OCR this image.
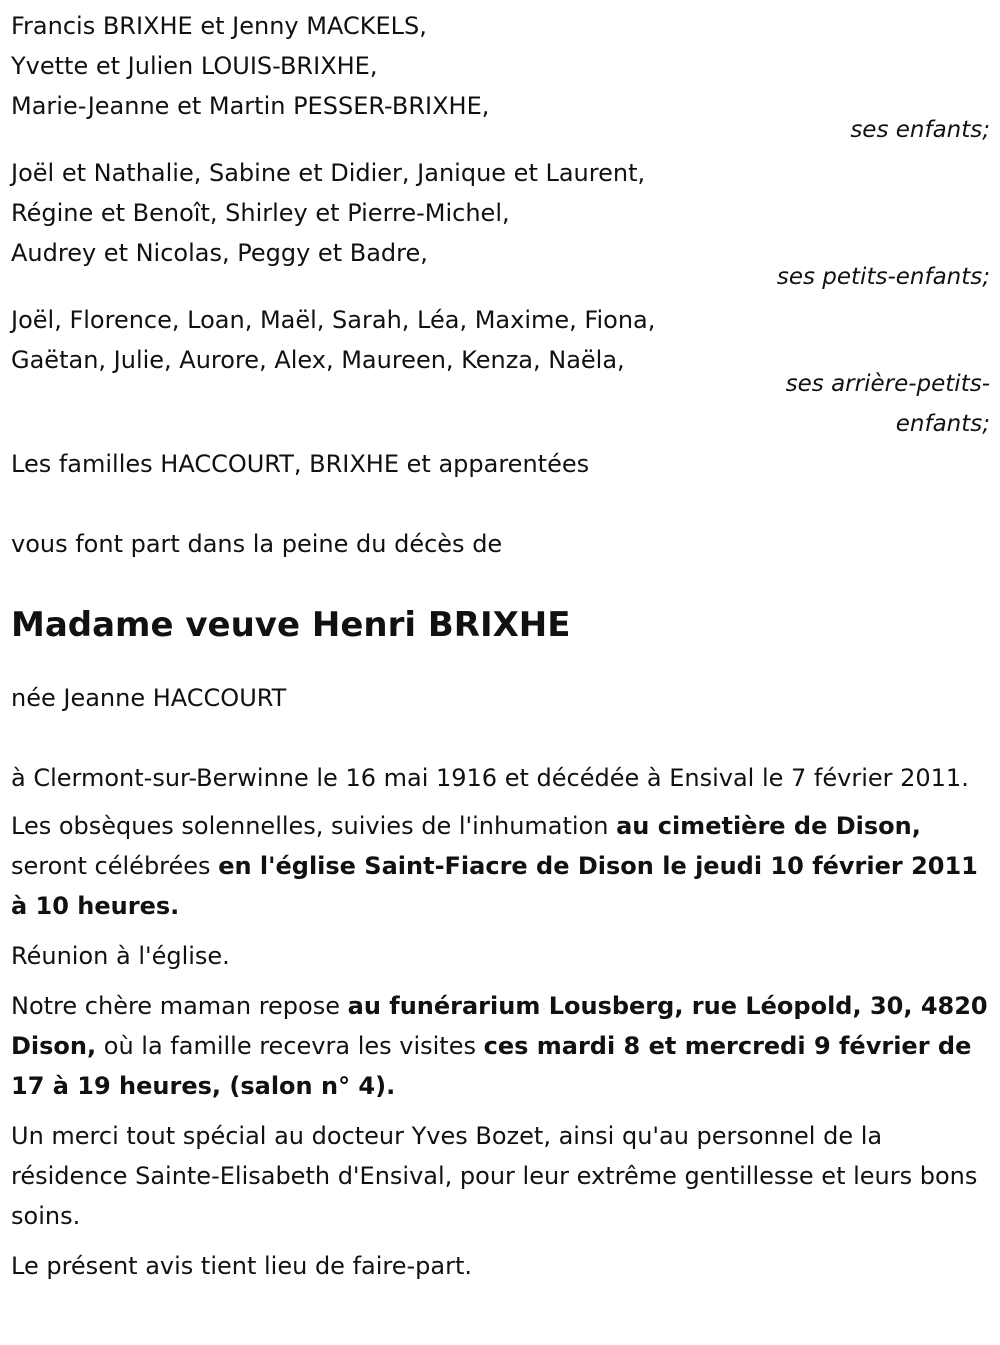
Francis BRIXHE et Jenny MACKELS,
Yvette et Julien LOUIS-BRIXHE,
Marie-Jeanne et Martin PESSER-BRIXHE,
ses enfants;
Joël et Nathalie, Sabine et Didier, Janique et Laurent,
Régine et Benoît, Shirley et Pierre-Michel,
Audrey et Nicolas, Peggy et Badre,
ses petits-enfants;
Joël, Florence, Loan, Maël, Sarah, Léa, Maxime, Fiona,
Gaëtan, Julie, Aurore, Alex, Maureen, Kenza, Naëla,
ses arrière-petits-
enfants;
Les familles HACCOURT, BRIXHE et apparentées
vous font part dans la peine du décès de
Madame veuve Henri BRIXHE
née Jeanne HACCOURT
à Clermont-sur-Berwinne le 16 mai 1916 et décédée à Ensival le 7 février 2011.
Les obsèques solennelles, suivies de l'inhumation au cimetière de Dison, seront célébrées en l'église Saint-Fiacre de Dison le jeudi 10 février 2011 à 10 heures.
Réunion à l'église.
Notre chère maman repose au funérarium Lousberg, rue Léopold, 30, 4820 Dison, où la famille recevra les visites ces mardi 8 et mercredi 9 février de 17 à 19 heures, (salon n° 4).
Un merci tout spécial au docteur Yves Bozet, ainsi qu'au personnel de la résidence Sainte-Elisabeth d'Ensival, pour leur extrême gentillesse et leurs bons soins.
Le présent avis tient lieu de faire-part.
